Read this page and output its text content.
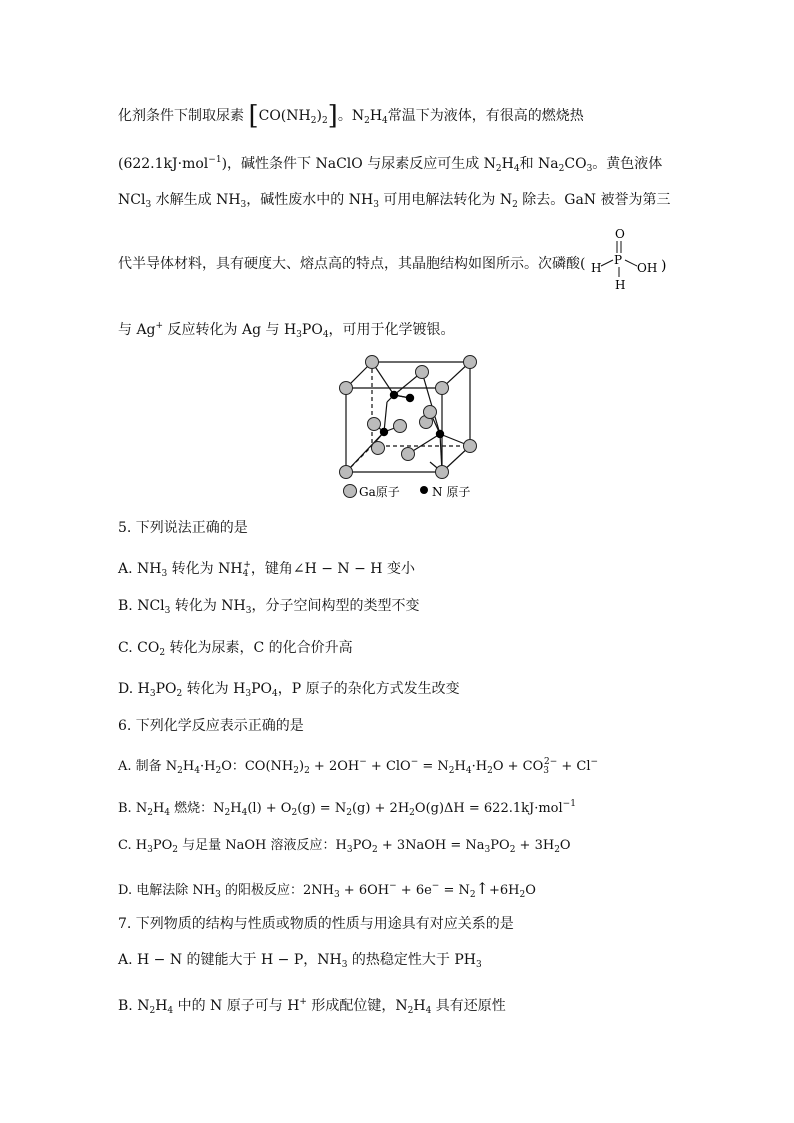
化剂条件下制取尿素 $[CO(NH_2)_2]$。$N_2H_4$常温下为液体，有很高的燃烧热
(622.1kJ·mol$^{-1}$)，碱性条件下 NaClO 与尿素反应可生成 $N_2H_4$和 $Na_2CO_3$。黄色液体
NCl$_3$ 水解生成 $NH_3$，碱性废水中的 $NH_3$ 可用电解法转化为 $N_2$ 除去。GaN 被誉为第三
代半导体材料，具有硬度大、熔点高的特点，其晶胞结构如图所示。次磷酸(
O
H
P
OH
H
)
与 Ag+ 反应转化为 Ag 与 $H_3PO_4$，可用于化学镀银。
Ga原子	N 原子
5. 下列说法正确的是
A. $NH_3$ 转化为 $NH_4^+$，键角∠H − N − H 变小
B. NCl$_3$ 转化为 $NH_3$，分子空间构型的类型不变
C. $CO_2$ 转化为尿素，C 的化合价升高
D. $H_3PO_2$ 转化为 $H_3PO_4$，P 原子的杂化方式发生改变
6. 下列化学反应表示正确的是
A. 制备 $N_2H_4\cdot H_2O$：$CO(NH_2)_2 + 2OH^- + ClO^- = N_2H_4\cdot H_2O + CO_3^{2-} + Cl^-$
B. $N_2H_4$ 燃烧：$N_2H_4(l) + O_2(g) = N_2(g) + 2H_2O(g)\Delta H = 622.1kJ\cdot mol^{-1}$
C. $H_3PO_2$ 与足量 NaOH 溶液反应：$H_3PO_2$ + 3NaOH = $Na_3PO_2 + 3H_2O$
D. 电解法除 $NH_3$ 的阳极反应：$2NH_3 + 6OH^- + 6e^-$ = $N_2↑+6H_2O$
7. 下列物质的结构与性质或物质的性质与用途具有对应关系的是
A. H − N 的键能大于 H − P，$NH_3$ 的热稳定性大于 $PH_3$
B. $N_2H_4$ 中的 N 原子可与 H+ 形成配位键，$N_2H_4$ 具有还原性
